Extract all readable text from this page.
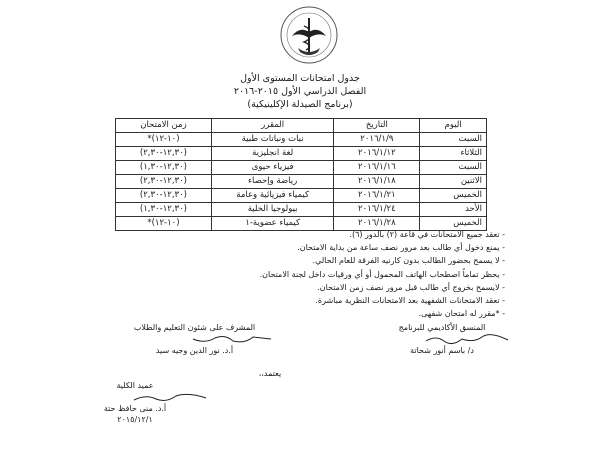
جدول امتحانات المستوى الأول
الفصل الدراسي الأول ٢٠١٥-٢٠١٦
(برنامج الصيدلة الإكلينيكية)
اليوم	التاريخ	المقرر	زمن الامتحان
السبت	٢٠١٦/١/٩	نبات ونباتات طبية	(١٠-١٢)*
الثلاثاء	٢٠١٦/١/١٢	لغة انجليزية	(١٢,٣٠-٢,٣٠)
السبت	٢٠١٦/١/١٦	فيزياء حيوى	(١٢,٣٠-١,٣٠)
الاثنين	٢٠١٦/١/١٨	رياضة وإحصاء	(١٢,٣٠-٢,٣٠)
الخميس	٢٠١٦/١/٢١	كيمياء فيزيائية وعامة	(١٢,٣٠-٢,٣٠)
الأحد	٢٠١٦/١/٢٤	بيولوجيا الخلية	(١٢,٣٠-١,٣٠)
الخميس	٢٠١٦/١/٢٨	كيمياء عضوية-١	(١٠-١٢)*
- تعقد جميع الامتحانات في قاعة (٢) بالدور (٦).
- يمنع دخول أي طالب بعد مرور نصف ساعة من بداية الامتحان.
- لا يسمح بحضور الطالب بدون كارنيه الفرقة للعام الحالي.
- يحظر تماماً اصطحاب الهاتف المحمول أو أي ورقيات داخل لجنة الامتحان.
- لايسمح بخروج أي طالب قبل مرور نصف زمن الامتحان.
- تعقد الامتحانات الشفهية بعد الامتحانات النظرية مباشرة.
- *مقرر له امتحان شفهى.
المنسق الأكاديمي للبرنامج
د/ باسم أنور شحاتة
المشرف على شئون التعليم والطلاب
أ.د. نور الدين وجيه سيد
يعتمد،،
عميد الكلية
أ.د. منى حافظ حتة
٢٠١٥/١٢/١
